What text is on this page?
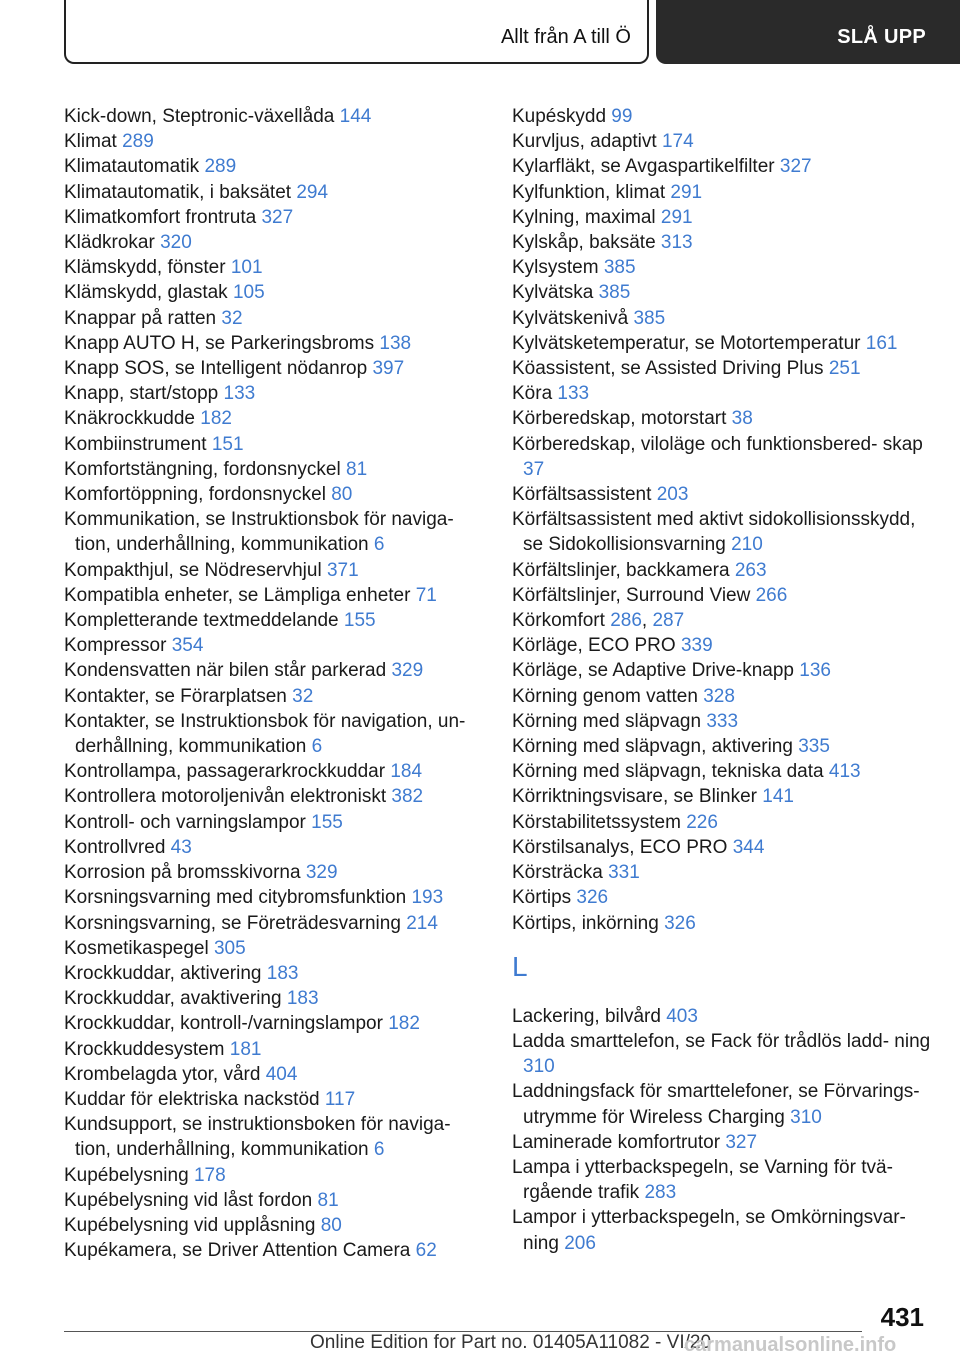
Allt från A till Ö	SLÅ UPP
Kick-down, Steptronic-växellåda 144
Klimat 289
Klimatautomatik 289
Klimatautomatik, i baksätet 294
Klimatkomfort frontruta 327
Klädkrokar 320
Klämskydd, fönster 101
Klämskydd, glastak 105
Knappar på ratten 32
Knapp AUTO H, se Parkeringsbroms 138
Knapp SOS, se Intelligent nödanrop 397
Knapp, start/stopp 133
Knäkrockkudde 182
Kombiinstrument 151
Komfortstängning, fordonsnyckel 81
Komfortöppning, fordonsnyckel 80
Kommunikation, se Instruktionsbok för naviga‐ tion, underhållning, kommunikation 6
Kompakthjul, se Nödreservhjul 371
Kompatibla enheter, se Lämpliga enheter 71
Kompletterande textmeddelande 155
Kompressor 354
Kondensvatten när bilen står parkerad 329
Kontakter, se Förarplatsen 32
Kontakter, se Instruktionsbok för navigation, un‐ derhållning, kommunikation 6
Kontrollampa, passagerarkrockkuddar 184
Kontrollera motoroljenivån elektroniskt 382
Kontroll- och varningslampor 155
Kontrollvred 43
Korrosion på bromsskivorna 329
Korsningsvarning med citybromsfunktion 193
Korsningsvarning, se Företrädesvarning 214
Kosmetikaspegel 305
Krockkuddar, aktivering 183
Krockkuddar, avaktivering 183
Krockkuddar, kontroll-/varningslampor 182
Krockkuddesystem 181
Krombelagda ytor, vård 404
Kuddar för elektriska nackstöd 117
Kundsupport, se instruktionsboken för naviga‐ tion, underhållning, kommunikation 6
Kupébelysning 178
Kupébelysning vid låst fordon 81
Kupébelysning vid upplåsning 80
Kupékamera, se Driver Attention Camera 62
Kupéskydd 99
Kurvljus, adaptivt 174
Kylarfläkt, se Avgaspartikelfilter 327
Kylfunktion, klimat 291
Kylning, maximal 291
Kylskåp, baksäte 313
Kylsystem 385
Kylvätska 385
Kylvätskenivå 385
Kylvätsketemperatur, se Motortemperatur 161
Köassistent, se Assisted Driving Plus 251
Köra 133
Körberedskap, motorstart 38
Körberedskap, viloläge och funktionsbered‐ skap 37
Körfältsassistent 203
Körfältsassistent med aktivt sidokollisionsskydd, se Sidokollisionsvarning 210
Körfältslinjer, backkamera 263
Körfältslinjer, Surround View 266
Körkomfort 286, 287
Körläge, ECO PRO 339
Körläge, se Adaptive Drive-knapp 136
Körning genom vatten 328
Körning med släpvagn 333
Körning med släpvagn, aktivering 335
Körning med släpvagn, tekniska data 413
Körriktningsvisare, se Blinker 141
Körstabilitetssystem 226
Körstilsanalys, ECO PRO 344
Körsträcka 331
Körtips 326
Körtips, inkörning 326
L
Lackering, bilvård 403
Ladda smarttelefon, se Fack för trådlös ladd‐ ning 310
Laddningsfack för smarttelefoner, se Förvarings‐ utrymme för Wireless Charging 310
Laminerade komfortrutor 327
Lampa i ytterbackspegeln, se Varning för tvä‐ rgående trafik 283
Lampor i ytterbackspegeln, se Omkörningsvar‐ ning 206
431
Online Edition for Part no. 01405A11082 - VI/20
carmanualsonline.info
